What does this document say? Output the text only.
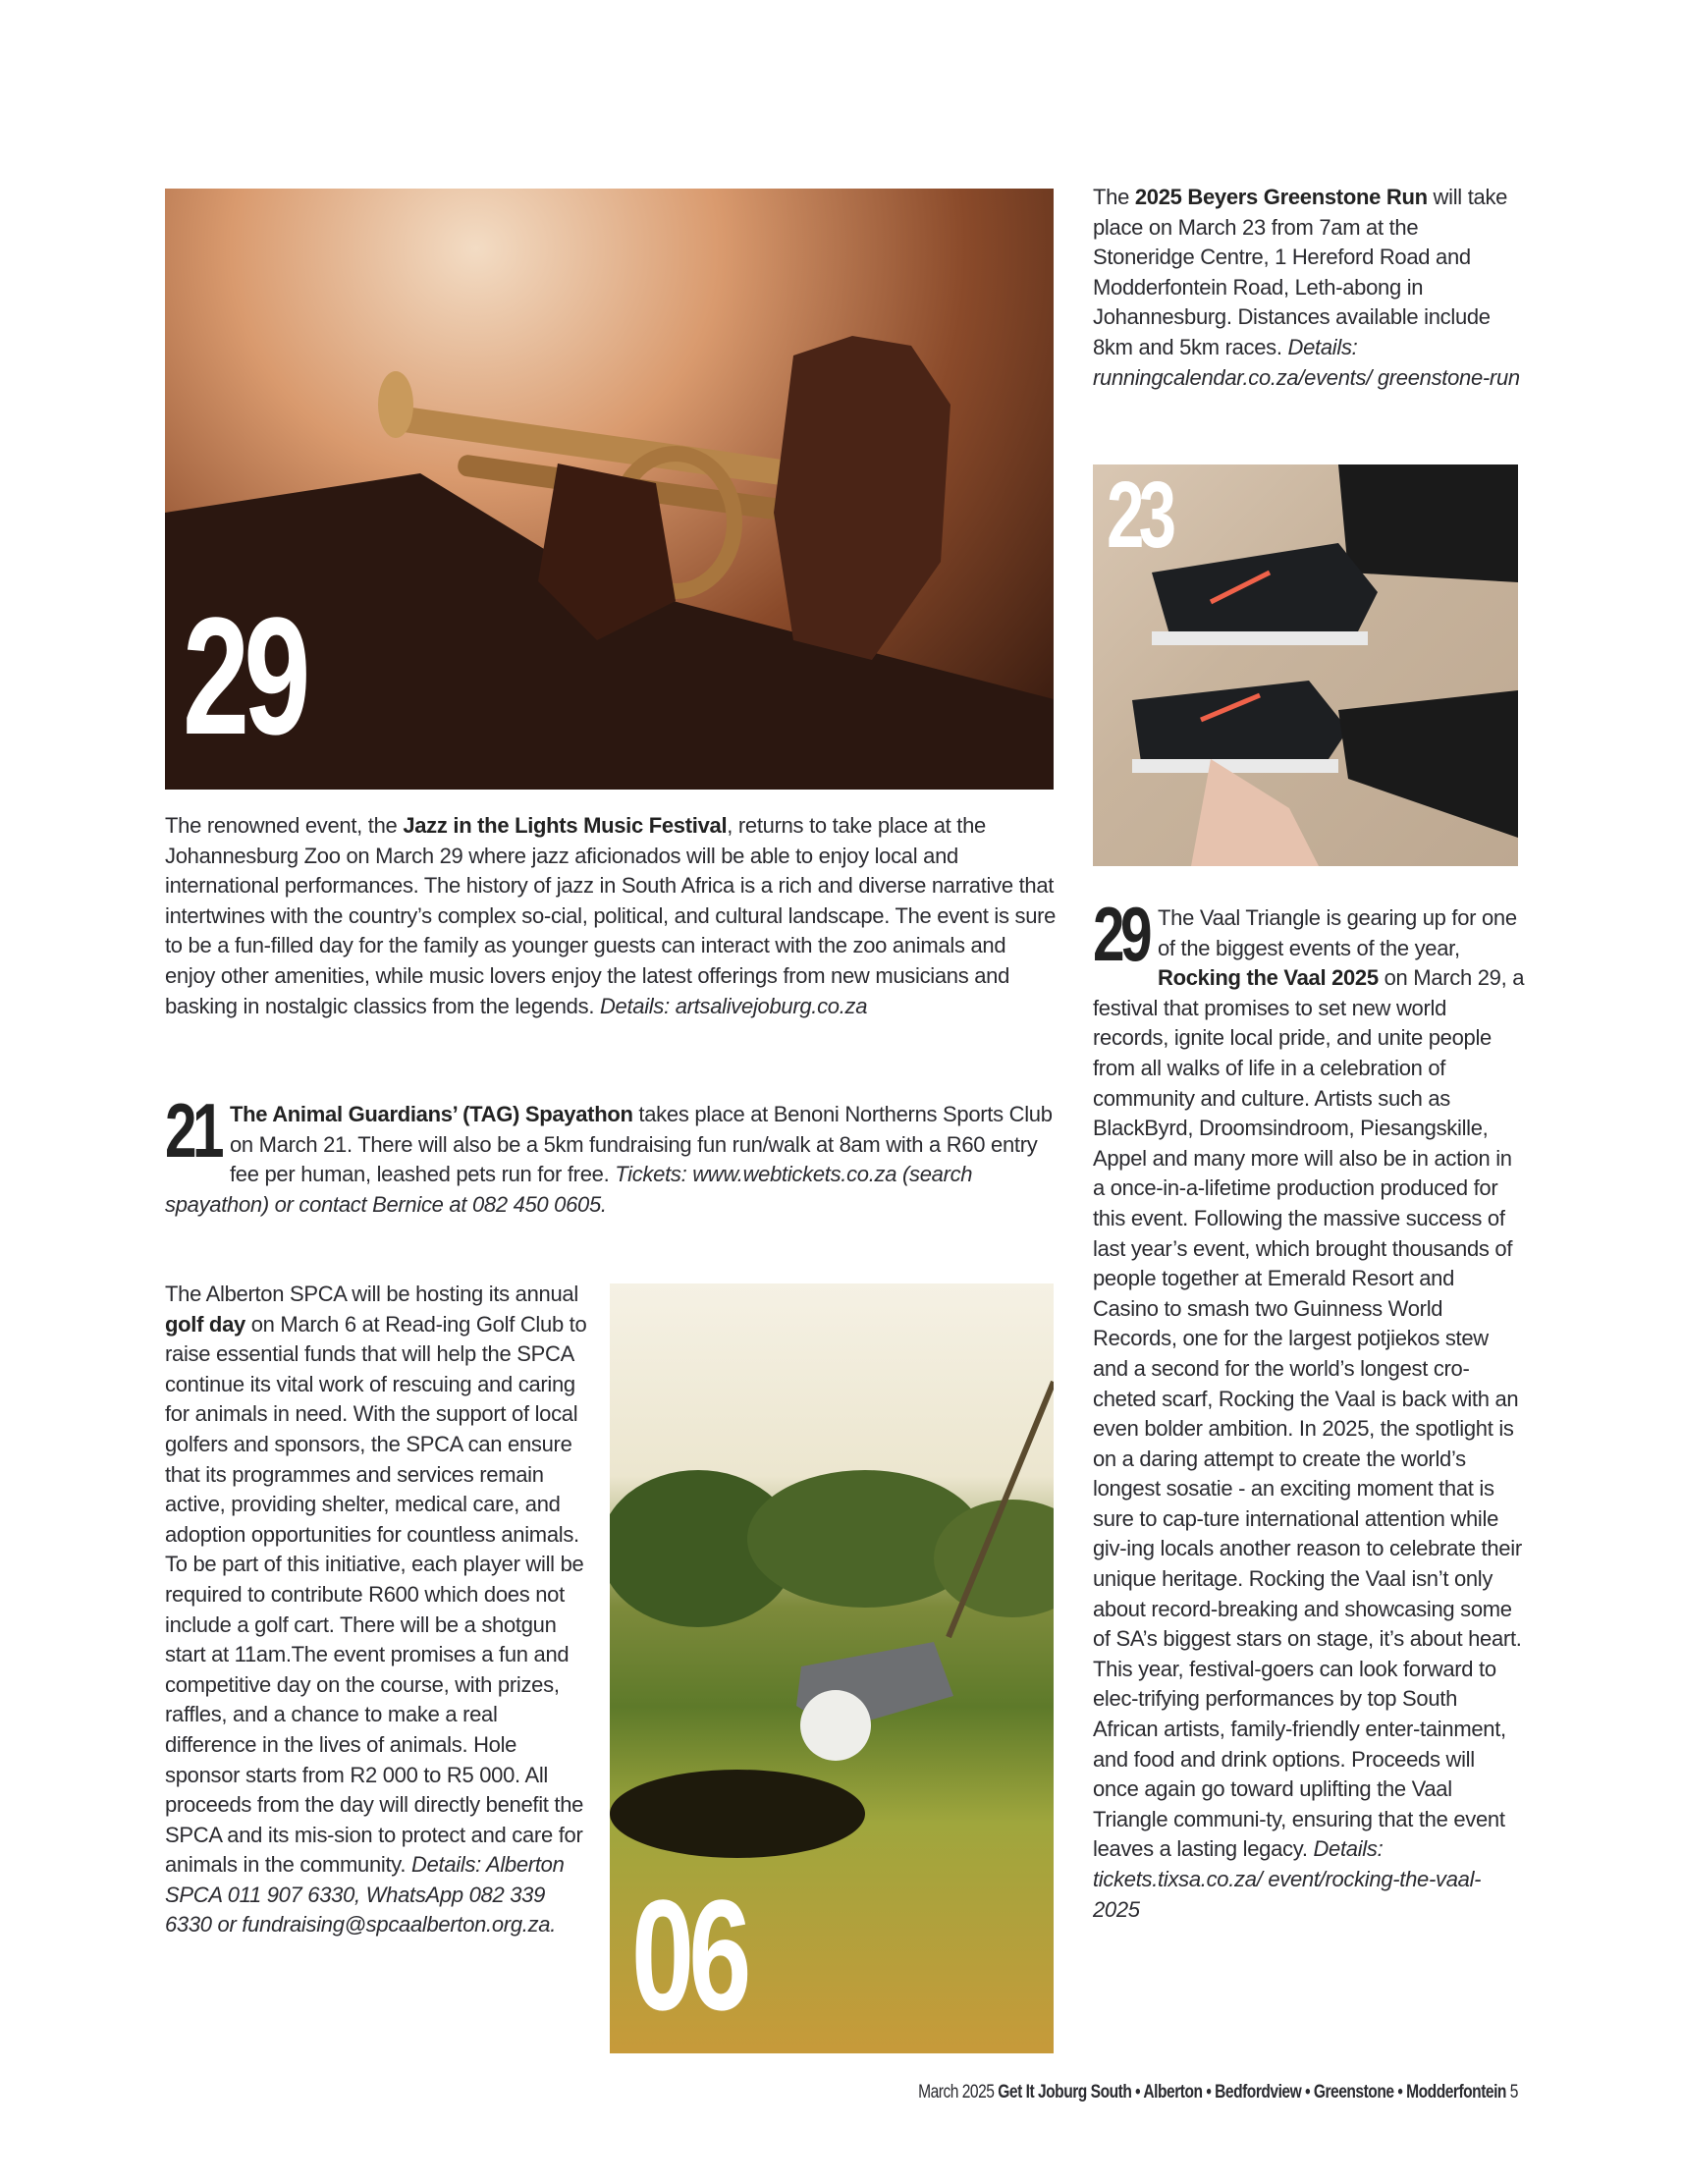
29
The renowned event, the Jazz in the Lights Music Festival, returns to take place at the Johannesburg Zoo on March 29 where jazz aficionados will be able to enjoy local and international performances. The history of jazz in South Africa is a rich and diverse narrative that intertwines with the country’s complex so-cial, political, and cultural landscape. The event is sure to be a fun-filled day for the family as younger guests can interact with the zoo animals and enjoy other amenities, while music lovers enjoy the latest offerings from new musicians and basking in nostalgic classics from the legends. Details: artsalivejoburg.co.za
21 The Animal Guardians’ (TAG) Spayathon takes place at Benoni Northerns Sports Club on March 21. There will also be a 5km fundraising fun run/walk at 8am with a R60 entry fee per human, leashed pets run for free. Tickets: www.webtickets.co.za (search spayathon) or contact Bernice at 082 450 0605.
The Alberton SPCA will be hosting its annual golf day on March 6 at Read-ing Golf Club to raise essential funds that will help the SPCA continue its vital work of rescuing and caring for animals in need. With the support of local golfers and sponsors, the SPCA can ensure that its programmes and services remain active, providing shelter, medical care, and adoption opportunities for countless animals. To be part of this initiative, each player will be required to contribute R600 which does not include a golf cart. There will be a shotgun start at 11am.The event promises a fun and competitive day on the course, with prizes, raffles, and a chance to make a real difference in the lives of animals. Hole sponsor starts from R2 000 to R5 000. All proceeds from the day will directly benefit the SPCA and its mis-sion to protect and care for animals in the community. Details: Alberton SPCA 011 907 6330, WhatsApp 082 339 6330 or fundraising@spcaalberton.org.za. 06
The 2025 Beyers Greenstone Run will take place on March 23 from 7am at the Stoneridge Centre, 1 Hereford Road and Modderfontein Road, Leth-abong in Johannesburg. Distances available include 8km and 5km races. Details: runningcalendar.co.za/events/ greenstone-run
23
29 The Vaal Triangle is gearing up for one of the biggest events of the year, Rocking the Vaal 2025 on March 29, a festival that promises to set new world records, ignite local pride, and unite people from all walks of life in a celebration of community and culture. Artists such as BlackByrd, Droomsindroom, Piesangskille, Appel and many more will also be in action in a once-in-a-lifetime production produced for this event. Following the massive success of last year’s event, which brought thousands of people together at Emerald Resort and Casino to smash two Guinness World Records, one for the largest potjiekos stew and a second for the world’s longest cro-cheted scarf, Rocking the Vaal is back with an even bolder ambition. In 2025, the spotlight is on a daring attempt to create the world’s longest sosatie - an exciting moment that is sure to cap-ture international attention while giv-ing locals another reason to celebrate their unique heritage. Rocking the Vaal isn’t only about record-breaking and showcasing some of SA’s biggest stars on stage, it’s about heart. This year, festival-goers can look forward to elec-trifying performances by top South African artists, family-friendly enter-tainment, and food and drink options. Proceeds will once again go toward uplifting the Vaal Triangle communi-ty, ensuring that the event leaves a lasting legacy. Details: tickets.tixsa.co.za/ event/rocking-the-vaal-2025
March 2025 Get It Joburg South • Alberton • Bedfordview • Greenstone • Modderfontein 5
